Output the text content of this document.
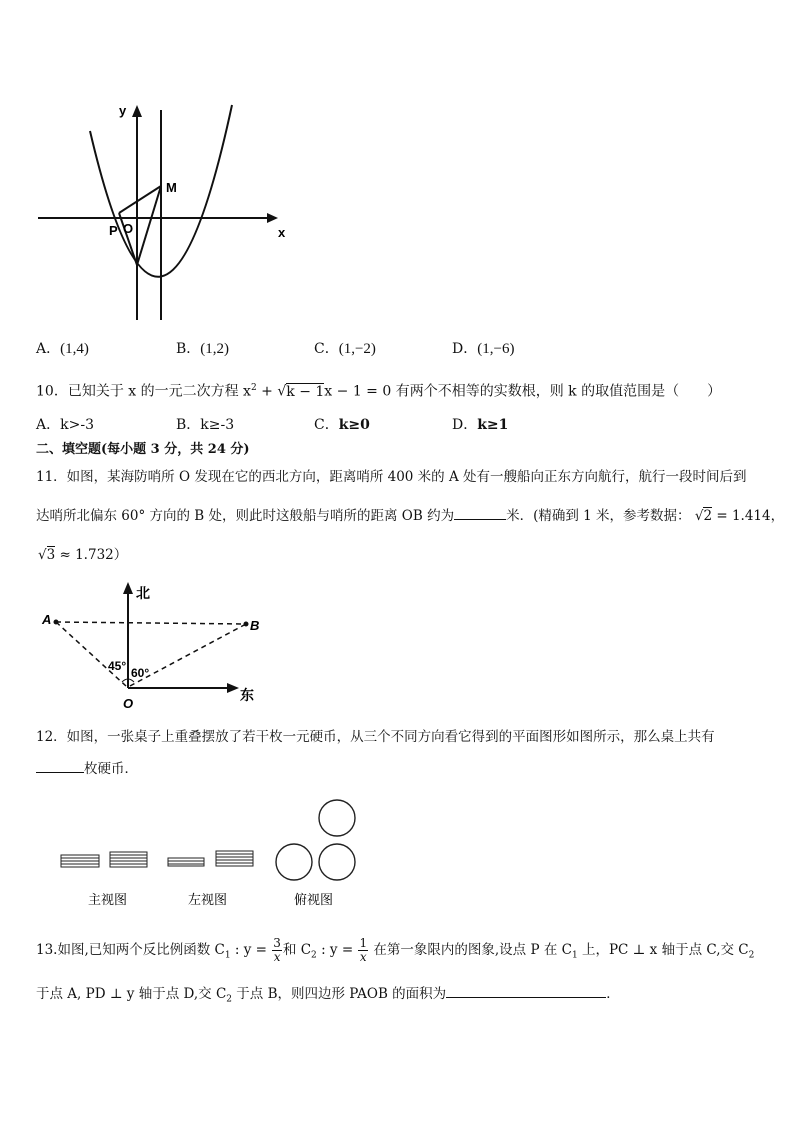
y
x
M
P O
A．(1,4)	B．(1,2)	C．(1,−2)	D．(1,−6)
10．已知关于 x 的一元二次方程 $x^2 + √k - 1x - 1 = 0$ 有两个不相等的实数根，则 k 的取值范围是（　　）
A．k>-3	B．k≥-3	C．k≥0	D．k≥1
二、填空题(每小题 3 分，共 24 分)
11．如图，某海防哨所 O 发现在它的西北方向，距离哨所 400 米的 A 处有一艘船向正东方向航行，航行一段时间后到
达哨所北偏东 60° 方向的 B 处，则此时这般船与哨所的距离 OB 约为	米．(精确到 1 米，参考数据： √2 = 1.414，
√3 ≈ 1.732）
北
东
A	B
O
45° 60°
12．如图，一张桌子上重叠摆放了若干枚一元硬币，从三个不同方向看它得到的平面图形如图所示，那么桌上共有
枚硬币．
主视图	左视图	俯视图
13.如图,已知两个反比例函数 $C_1$ : $y = \frac{3}{x}$ 和 $C_2$ : $y = \frac{1}{x}$ 在第一象限内的图象,设点 P 在 $C_1$ 上，PC ⊥ x 轴于点 C,交 $C_2$
于点 A, PD ⊥ y 轴于点 D,交 $C_2$ 于点 B，则四边形 PAOB 的面积为	．
